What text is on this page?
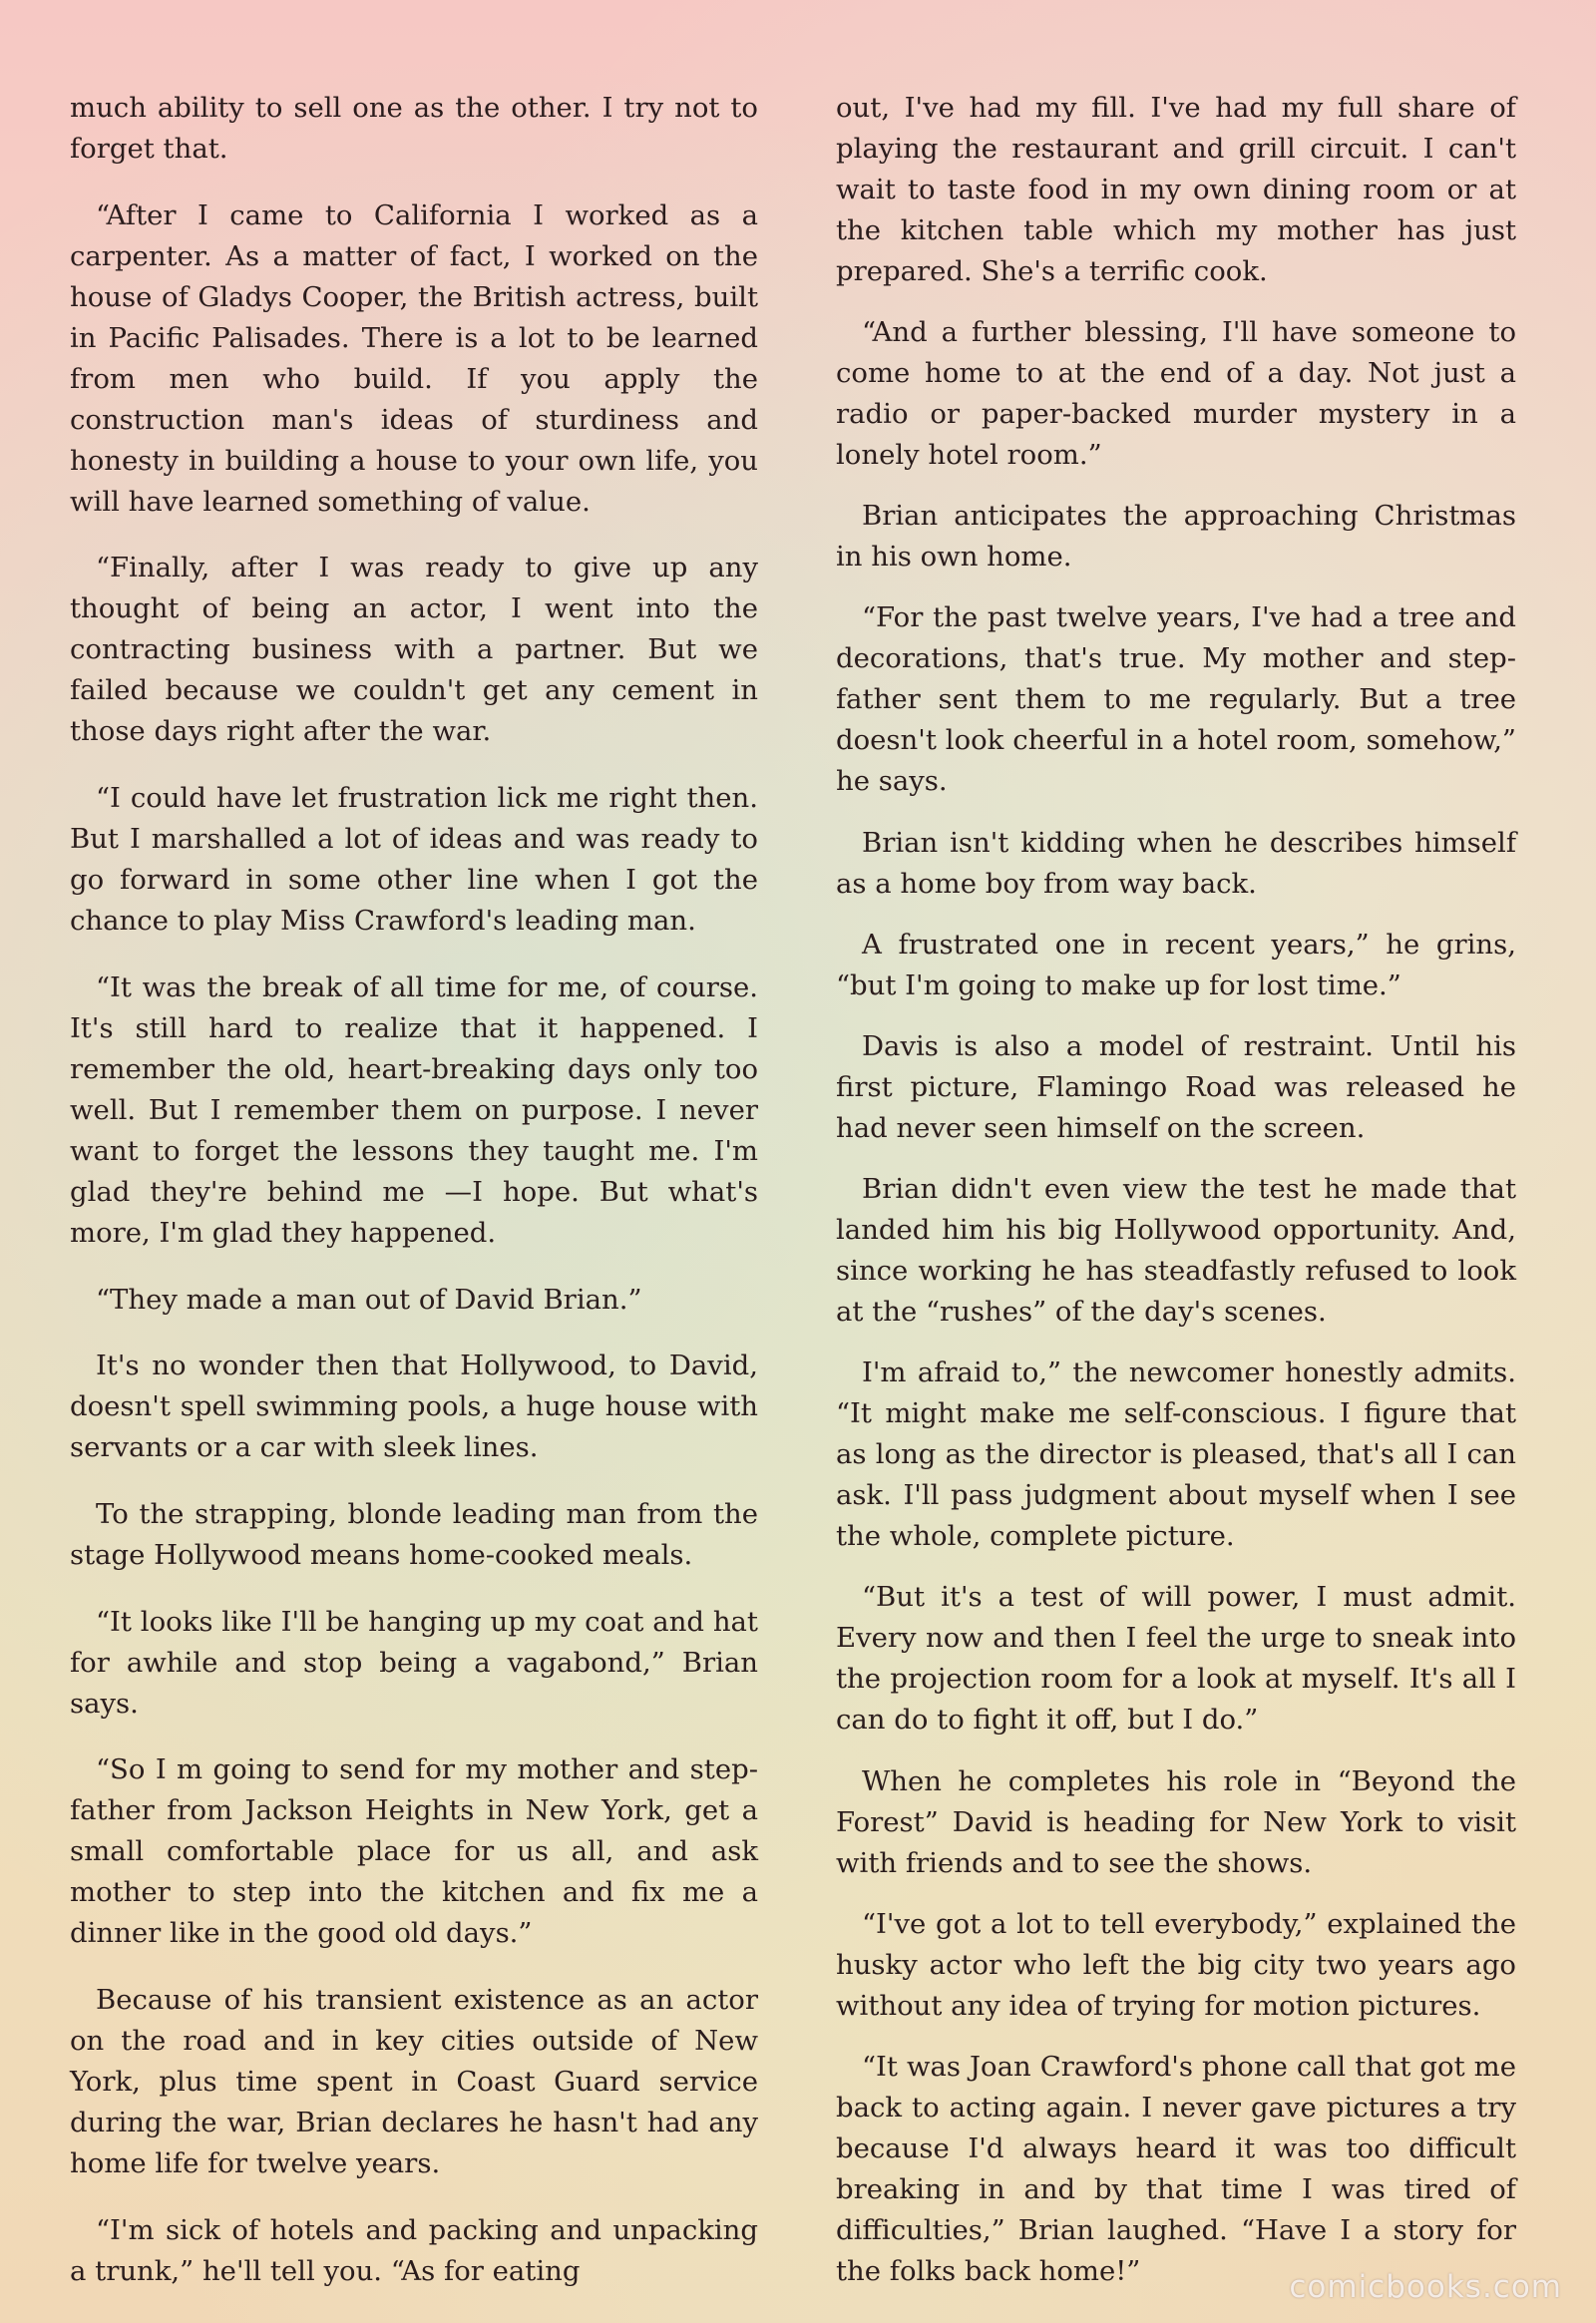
much ability to sell one as the other. I try not to forget that.

“After I came to California I worked as a carpenter. As a matter of fact, I worked on the house of Gladys Cooper, the British actress, built in Pacific Palisades. There is a lot to be learned from men who build. If you apply the construction man's ideas of sturdiness and honesty in building a house to your own life, you will have learned something of value.

“Finally, after I was ready to give up any thought of being an actor, I went into the contracting business with a partner. But we failed because we couldn't get any cement in those days right after the war.

“I could have let frustration lick me right then. But I marshalled a lot of ideas and was ready to go forward in some other line when I got the chance to play Miss Crawford's leading man.

“It was the break of all time for me, of course. It's still hard to realize that it happened. I remember the old, heart-breaking days only too well. But I remember them on purpose. I never want to forget the lessons they taught me. I'm glad they're behind me —I hope. But what's more, I'm glad they happened.

“They made a man out of David Brian.”

It's no wonder then that Hollywood, to David, doesn't spell swimming pools, a huge house with servants or a car with sleek lines.

To the strapping, blonde leading man from the stage Hollywood means home-cooked meals.

“It looks like I'll be hanging up my coat and hat for awhile and stop being a vagabond,” Brian says.

“So I m going to send for my mother and step-father from Jackson Heights in New York, get a small comfortable place for us all, and ask mother to step into the kitchen and fix me a dinner like in the good old days.”

Because of his transient existence as an actor on the road and in key cities outside of New York, plus time spent in Coast Guard service during the war, Brian declares he hasn't had any home life for twelve years.

“I'm sick of hotels and packing and unpacking a trunk,” he'll tell you. “As for eating

out, I've had my fill. I've had my full share of playing the restaurant and grill circuit. I can't wait to taste food in my own dining room or at the kitchen table which my mother has just prepared. She's a terrific cook.

“And a further blessing, I'll have someone to come home to at the end of a day. Not just a radio or paper-backed murder mystery in a lonely hotel room.”

Brian anticipates the approaching Christmas in his own home.

“For the past twelve years, I've had a tree and decorations, that's true. My mother and step-father sent them to me regularly. But a tree doesn't look cheerful in a hotel room, somehow,” he says.

Brian isn't kidding when he describes himself as a home boy from way back.

A frustrated one in recent years,” he grins, “but I'm going to make up for lost time.”

Davis is also a model of restraint. Until his first picture, Flamingo Road was released he had never seen himself on the screen.

Brian didn't even view the test he made that landed him his big Hollywood opportunity. And, since working he has steadfastly refused to look at the “rushes” of the day's scenes.

I'm afraid to,” the newcomer honestly admits. “It might make me self-conscious. I figure that as long as the director is pleased, that's all I can ask. I'll pass judgment about myself when I see the whole, complete picture.

“But it's a test of will power, I must admit. Every now and then I feel the urge to sneak into the projection room for a look at myself. It's all I can do to fight it off, but I do.”

When he completes his role in “Beyond the Forest” David is heading for New York to visit with friends and to see the shows.

“I've got a lot to tell everybody,” explained the husky actor who left the big city two years ago without any idea of trying for motion pictures.

“It was Joan Crawford's phone call that got me back to acting again. I never gave pictures a try because I'd always heard it was too difficult breaking in and by that time I was tired of difficulties,” Brian laughed. “Have I a story for the folks back home!”	comicbooks.com
